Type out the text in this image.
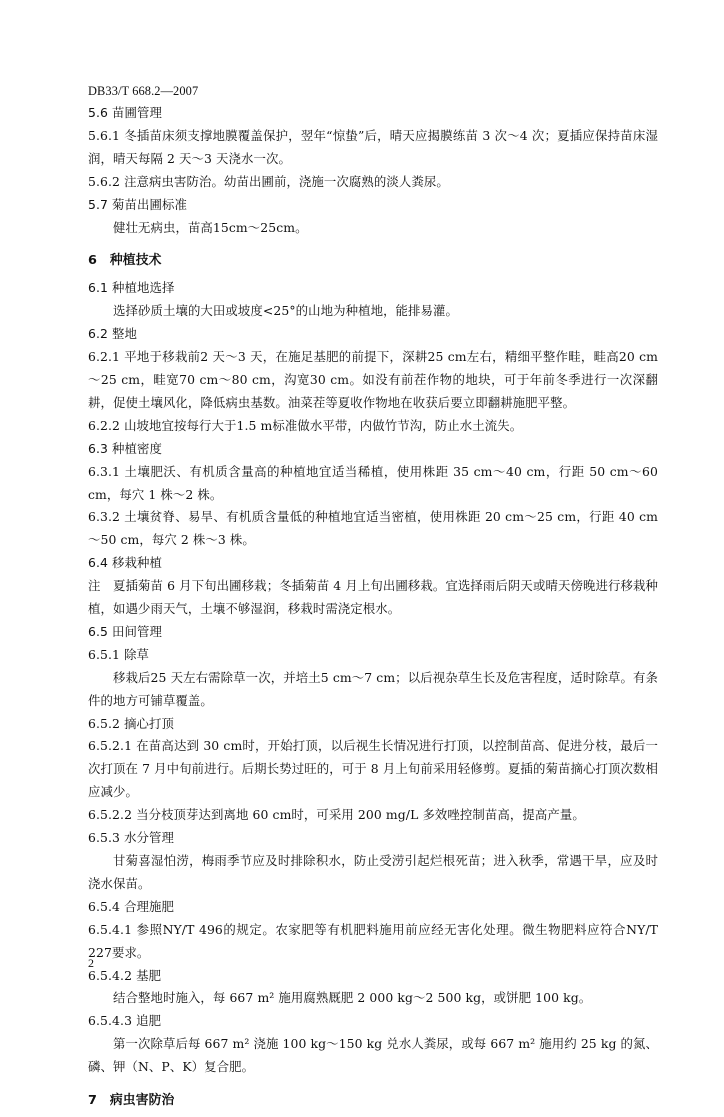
DB33/T 668.2—2007

5.6 苗圃管理

5.6.1 冬插苗床须支撑地膜覆盖保护，翌年“惊蛰”后，晴天应揭膜练苗 3 次～4 次；夏插应保持苗床湿润，晴天每隔 2 天～3 天浇水一次。

5.6.2 注意病虫害防治。幼苗出圃前，浇施一次腐熟的淡人粪尿。

5.7 菊苗出圃标准

健壮无病虫，苗高15cm～25cm。

6　种植技术

6.1 种植地选择

选择砂质土壤的大田或坡度<25°的山地为种植地，能排易灌。

6.2 整地

6.2.1 平地于移栽前2 天～3 天，在施足基肥的前提下，深耕25 cm左右，精细平整作畦，畦高20 cm～25 cm，畦宽70 cm～80 cm，沟宽30 cm。如没有前茬作物的地块，可于年前冬季进行一次深翻耕，促使土壤风化，降低病虫基数。油菜茬等夏收作物地在收获后要立即翻耕施肥平整。

6.2.2 山坡地宜按每行大于1.5 m标准做水平带，内做竹节沟，防止水土流失。

6.3 种植密度

6.3.1 土壤肥沃、有机质含量高的种植地宜适当稀植，使用株距 35 cm～40 cm，行距 50 cm～60 cm，每穴 1 株～2 株。

6.3.2 土壤贫脊、易旱、有机质含量低的种植地宜适当密植，使用株距 20 cm～25 cm，行距 40 cm～50 cm，每穴 2 株～3 株。

6.4 移栽种植

注　夏插菊苗 6 月下旬出圃移栽；冬插菊苗 4 月上旬出圃移栽。宜选择雨后阴天或晴天傍晚进行移栽种植，如遇少雨天气，土壤不够湿润，移栽时需浇定根水。

6.5 田间管理

6.5.1 除草

移栽后25 天左右需除草一次，并培土5 cm～7 cm；以后视杂草生长及危害程度，适时除草。有条件的地方可铺草覆盖。

6.5.2 摘心打顶

6.5.2.1 在苗高达到 30 cm时，开始打顶，以后视生长情况进行打顶，以控制苗高、促进分枝，最后一次打顶在 7 月中旬前进行。后期长势过旺的，可于 8 月上旬前采用轻修剪。夏插的菊苗摘心打顶次数相应减少。

6.5.2.2 当分枝顶芽达到离地 60 cm时，可采用 200 mg/L 多效唑控制苗高，提高产量。

6.5.3 水分管理

甘菊喜湿怕涝，梅雨季节应及时排除积水，防止受涝引起烂根死苗；进入秋季，常遇干旱，应及时浇水保苗。

6.5.4 合理施肥

6.5.4.1 参照NY/T 496的规定。农家肥等有机肥料施用前应经无害化处理。微生物肥料应符合NY/T 227要求。

6.5.4.2 基肥

结合整地时施入，每 667 m² 施用腐熟厩肥 2 000 kg～2 500 kg，或饼肥 100 kg。

6.5.4.3 追肥

第一次除草后每 667 m² 浇施 100 kg～150 kg 兑水人粪尿，或每 667 m² 施用约 25 kg 的氮、磷、钾（N、P、K）复合肥。

7　病虫害防治

2
